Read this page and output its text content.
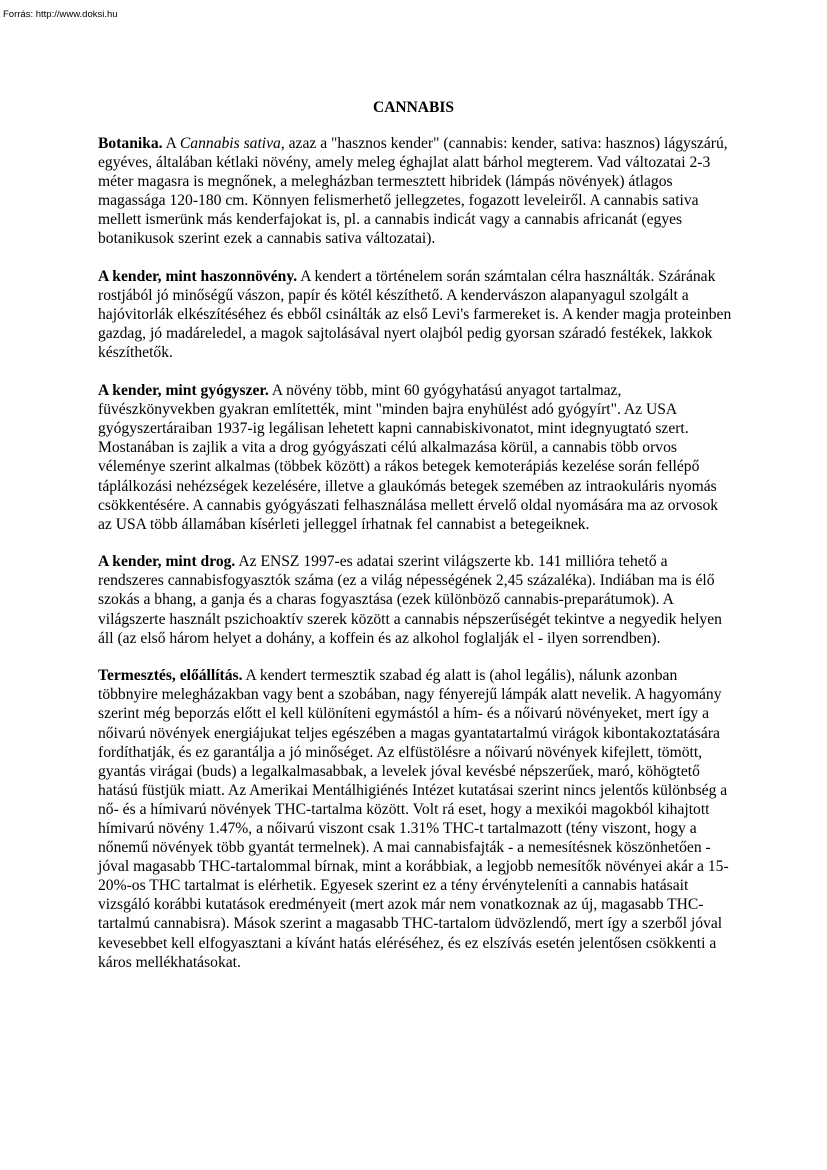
Forrás: http://www.doksi.hu
CANNABIS

Botanika. A Cannabis sativa, azaz a "hasznos kender" (cannabis: kender, sativa: hasznos) lágyszárú, egyéves, általában kétlaki növény, amely meleg éghajlat alatt bárhol megterem. Vad változatai 2-3 méter magasra is megnőnek, a melegházban termesztett hibridek (lámpás növények) átlagos magassága 120-180 cm. Könnyen felismerhető jellegzetes, fogazott leveleiről. A cannabis sativa mellett ismerünk más kenderfajokat is, pl. a cannabis indicát vagy a cannabis africanát (egyes botanikusok szerint ezek a cannabis sativa változatai).

A kender, mint haszonnövény. A kendert a történelem során számtalan célra használták. Szárának rostjából jó minőségű vászon, papír és kötél készíthető. A kendervászon alapanyagul szolgált a hajóvitorlák elkészítéséhez és ebből csinálták az első Levi's farmereket is. A kender magja proteinben gazdag, jó madáreledel, a magok sajtolásával nyert olajból pedig gyorsan száradó festékek, lakkok készíthetők.

A kender, mint gyógyszer. A növény több, mint 60 gyógyhatású anyagot tartalmaz, füvészkönyvekben gyakran említették, mint "minden bajra enyhülést adó gyógyírt". Az USA gyógyszertáraiban 1937-ig legálisan lehetett kapni cannabiskivonatot, mint idegnyugtató szert. Mostanában is zajlik a vita a drog gyógyászati célú alkalmazása körül, a cannabis több orvos véleménye szerint alkalmas (többek között) a rákos betegek kemoterápiás kezelése során fellépő táplálkozási nehézségek kezelésére, illetve a glaukómás betegek szemében az intraokuláris nyomás csökkentésére. A cannabis gyógyászati felhasználása mellett érvelő oldal nyomására ma az orvosok az USA több államában kísérleti jelleggel írhatnak fel cannabist a betegeiknek.

A kender, mint drog. Az ENSZ 1997-es adatai szerint világszerte kb. 141 millióra tehető a rendszeres cannabisfogyasztók száma (ez a világ népességének 2,45 százaléka). Indiában ma is élő szokás a bhang, a ganja és a charas fogyasztása (ezek különböző cannabis-preparátumok). A világszerte használt pszichoaktív szerek között a cannabis népszerűségét tekintve a negyedik helyen áll (az első három helyet a dohány, a koffein és az alkohol foglalják el - ilyen sorrendben).

Termesztés, előállítás. A kendert termesztik szabad ég alatt is (ahol legális), nálunk azonban többnyire melegházakban vagy bent a szobában, nagy fényerejű lámpák alatt nevelik. A hagyomány szerint még beporzás előtt el kell különíteni egymástól a hím- és a nőivarú növényeket, mert így a nőivarú növények energiájukat teljes egészében a magas gyantatartalmú virágok kibontakoztatására fordíthatják, és ez garantálja a jó minőséget. Az elfüstölésre a nőivarú növények kifejlett, tömött, gyantás virágai (buds) a legalkalmasabbak, a levelek jóval kevésbé népszerűek, maró, köhögtető hatású füstjük miatt. Az Amerikai Mentálhigiénés Intézet kutatásai szerint nincs jelentős különbség a nő- és a hímivarú növények THC-tartalma között. Volt rá eset, hogy a mexikói magokból kihajtott hímivarú növény 1.47%, a nőivarú viszont csak 1.31% THC-t tartalmazott (tény viszont, hogy a nőnemű növények több gyantát termelnek). A mai cannabisfajták - a nemesítésnek köszönhetően - jóval magasabb THC-tartalommal bírnak, mint a korábbiak, a legjobb nemesítők növényei akár a 15-20%-os THC tartalmat is elérhetik. Egyesek szerint ez a tény érvényteleníti a cannabis hatásait vizsgáló korábbi kutatások eredményeit (mert azok már nem vonatkoznak az új, magasabb THC-tartalmú cannabisra). Mások szerint a magasabb THC-tartalom üdvözlendő, mert így a szerből jóval kevesebbet kell elfogyasztani a kívánt hatás eléréséhez, és ez elszívás esetén jelentősen csökkenti a káros mellékhatásokat.
